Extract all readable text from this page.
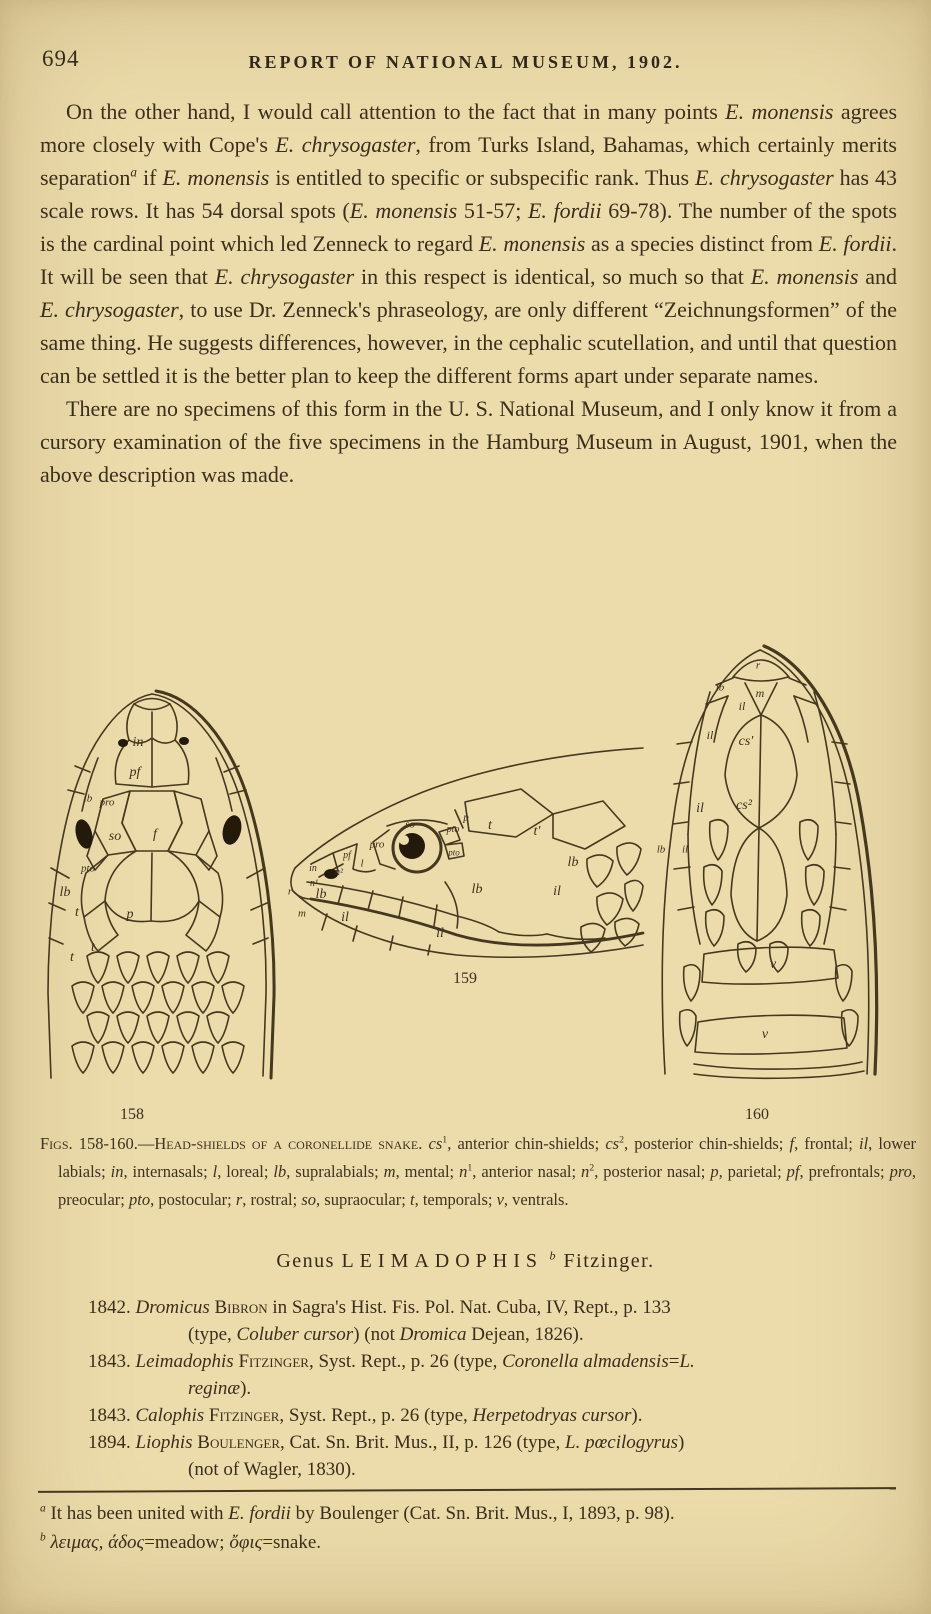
694	REPORT OF NATIONAL MUSEUM, 1902.

On the other hand, I would call attention to the fact that in many points E. monensis agrees more closely with Cope's E. chrysogaster, from Turks Island, Bahamas, which certainly merits separation$^a$ if E. monensis is entitled to specific or subspecific rank. Thus E. chrysogaster has 43 scale rows. It has 54 dorsal spots (E. monensis 51-57; E. fordii 69-78). The number of the spots is the cardinal point which led Zenneck to regard E. monensis as a species distinct from E. fordii. It will be seen that E. chrysogaster in this respect is identical, so much so that E. monensis and E. chrysogaster, to use Dr. Zenneck's phraseology, are only different “Zeichnungsformen” of the same thing. He suggests differences, however, in the cephalic scutellation, and until that question can be settled it is the better plan to keep the different forms apart under separate names.

There are no specimens of this form in the U. S. National Museum, and I only know it from a cursory examination of the five specimens in the Hamburg Museum in August, 1901, when the above description was made.

in
pf
lb pro
so f
pto
lb
t	p
t
t
158
so
p
pto
pto
pro
pf
l
in n²
n¹
r
m
lb
il
t	t′
lb
lb	il
il
159
r
lb	m
il
il cs′
il cs²
lb il
v
v
160
Figs. 158-160.—Head-shields of a coronellide snake. $cs^1$, anterior chin-shields; $cs^2$, posterior chin-shields; f, frontal; il, lower labials; in, internasals; l, loreal; lb, supralabials; m, mental; $n^1$, anterior nasal; $n^2$, posterior nasal; p, parietal; pf, prefrontals; pro, preocular; pto, postocular; r, rostral; so, supraocular; t, temporals; v, ventrals.
Genus LEIMADOPHIS $^b$ Fitzinger.

1842. Dromicus Bibron in Sagra's Hist. Fis. Pol. Nat. Cuba, IV, Rept., p. 133
(type, Coluber cursor) (not Dromica Dejean, 1826).

1843. Leimadophis Fitzinger, Syst. Rept., p. 26 (type, Coronella almadensis=L.
reginæ).

1843. Calophis Fitzinger, Syst. Rept., p. 26 (type, Herpetodryas cursor).

1894. Liophis Boulenger, Cat. Sn. Brit. Mus., II, p. 126 (type, L. pœcilogyrus)
(not of Wagler, 1830).

$^a$ It has been united with E. fordii by Boulenger (Cat. Sn. Brit. Mus., I, 1893, p. 98).
$^b$ λειμας, άδος=meadow; ὄφις=snake.
